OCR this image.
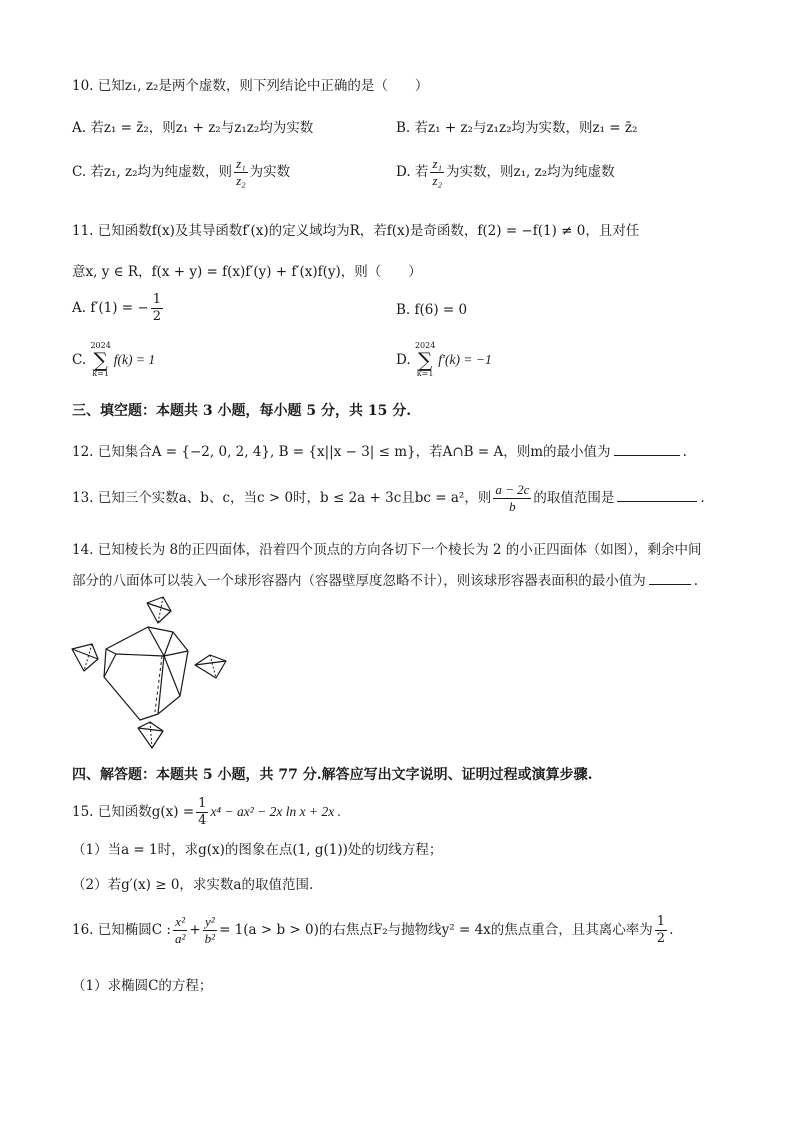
10. 已知z₁, z₂是两个虚数，则下列结论中正确的是（　　）
A. 若z₁ = z̄₂，则z₁ + z₂与z₁z₂均为实数	B. 若z₁ + z₂与z₁z₂均为实数，则z₁ = z̄₂
C. 若z₁, z₂均为纯虚数，则 $\frac{\text{z₁}}{\text{z₂}}$ 为实数	D. 若 $\frac{\text{z₁}}{\text{z₂}}$ 为实数，则z₁, z₂均为纯虚数
11. 已知函数f(x)及其导函数f′(x)的定义域均为R，若f(x)是奇函数，f(2) = −f(1) ≠ 0，且对任
意x, y ∈ R，f(x + y) = f(x)f′(y) + f′(x)f(y)，则（　　）
A. f′(1) = − $\frac{1}{2}$	B. f(6) = 0
C.
2024
∑
k=1
f(k) = 1	D.
2024
∑
k=1
f′(k) = −1
三、填空题：本题共 3 小题，每小题 5 分，共 15 分.
12. 已知集合A = {−2, 0, 2, 4}, B = {x||x − 3| ≤ m}，若A∩B = A，则m的最小值为	.
13. 已知三个实数a、b、c，当c > 0时，b ≤ 2a + 3c且bc = a²，则 $\frac{a - 2c}{b}$ 的取值范围是	.
14. 已知棱长为 8的正四面体，沿着四个顶点的方向各切下一个棱长为 2 的小正四面体（如图），剩余中间
部分的八面体可以装入一个球形容器内（容器壁厚度忽略不计），则该球形容器表面积的最小值为	.
四、解答题：本题共 5 小题，共 77 分.解答应写出文字说明、证明过程或演算步骤.
15. 已知函数$g(x) = \frac{1}{4} x^4 - ax^2 - 2x$ ln x + 2x .
（1）当a = 1时，求g(x)的图象在点(1, g(1))处的切线方程；
（2）若g′(x) ≥ 0，求实数a的取值范围.
16. 已知椭圆C : $\frac{\text{x²}}{\text{a²}} + \frac{\text{y²}}{\text{b²}} = 1(a > b > 0)$的右焦点F₂与抛物线y² = 4x的焦点重合，且其离心率为 $\frac{1}{2}$ .
（1）求椭圆C的方程；
